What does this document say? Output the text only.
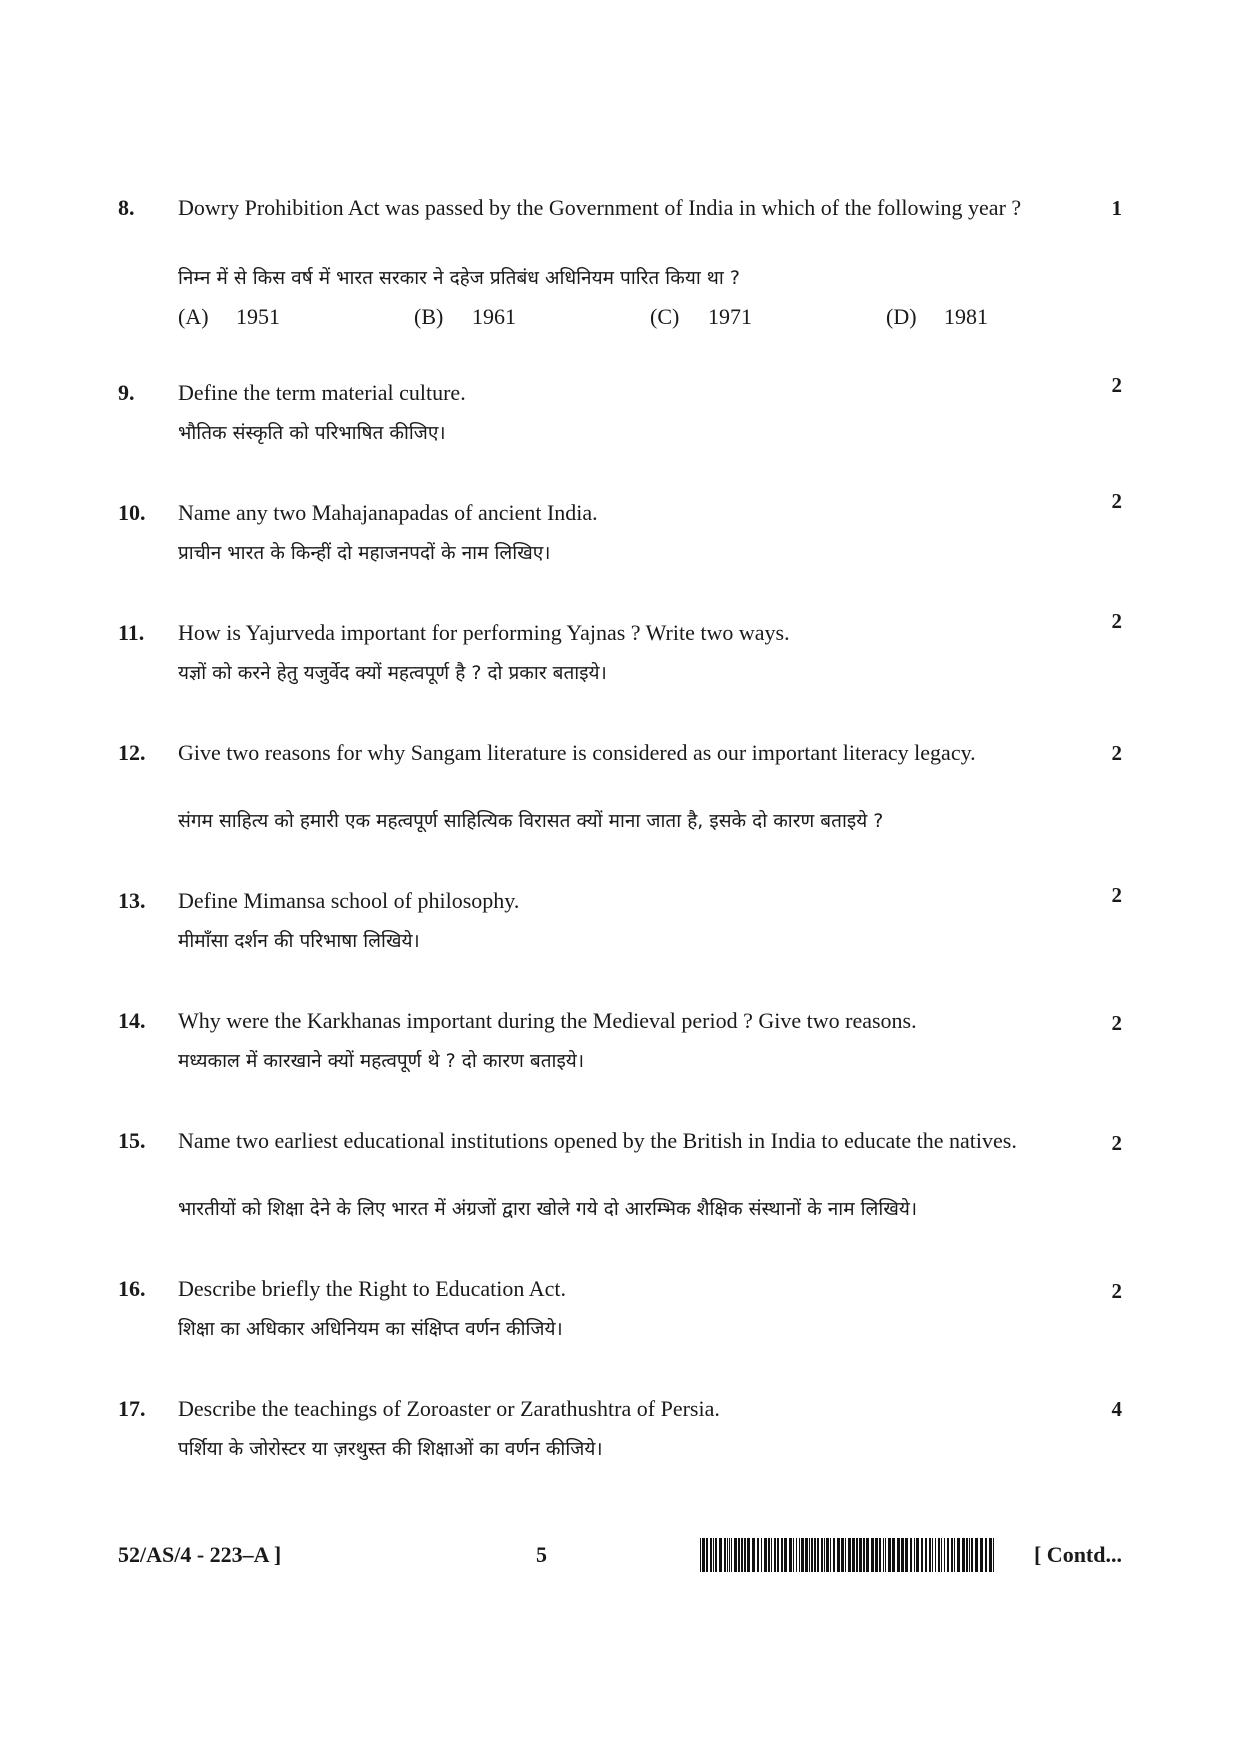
8. Dowry Prohibition Act was passed by the Government of India in which of the following year ?	1
निम्न में से किस वर्ष में भारत सरकार ने दहेज प्रतिबंध अधिनियम पारित किया था ?
(A) 1951	(B) 1961	(C) 1971	(D) 1981
9. Define the term material culture.	2
भौतिक संस्कृति को परिभाषित कीजिए।
10. Name any two Mahajanapadas of ancient India.	2
प्राचीन भारत के किन्हीं दो महाजनपदों के नाम लिखिए।
11. How is Yajurveda important for performing Yajnas ? Write two ways.	2
यज्ञों को करने हेतु यजुर्वेद क्यों महत्वपूर्ण है ? दो प्रकार बताइये।
12. Give two reasons for why Sangam literature is considered as our important literacy legacy.	2
संगम साहित्य को हमारी एक महत्वपूर्ण साहित्यिक विरासत क्यों माना जाता है, इसके दो कारण बताइये ?
13. Define Mimansa school of philosophy.	2
मीमाँसा दर्शन की परिभाषा लिखिये।
14. Why were the Karkhanas important during the Medieval period ? Give two reasons.	2
मध्यकाल में कारखाने क्यों महत्वपूर्ण थे ? दो कारण बताइये।
15. Name two earliest educational institutions opened by the British in India to educate the natives.	2
भारतीयों को शिक्षा देने के लिए भारत में अंग्रजों द्वारा खोले गये दो आरम्भिक शैक्षिक संस्थानों के नाम लिखिये।
16. Describe briefly the Right to Education Act.	2
शिक्षा का अधिकार अधिनियम का संक्षिप्त वर्णन कीजिये।
17. Describe the teachings of Zoroaster or Zarathushtra of Persia.	4
पर्शिया के जोरोस्टर या ज़रथुस्त की शिक्षाओं का वर्णन कीजिये।
52/AS/4 - 223–A ]	5	[ Contd...
